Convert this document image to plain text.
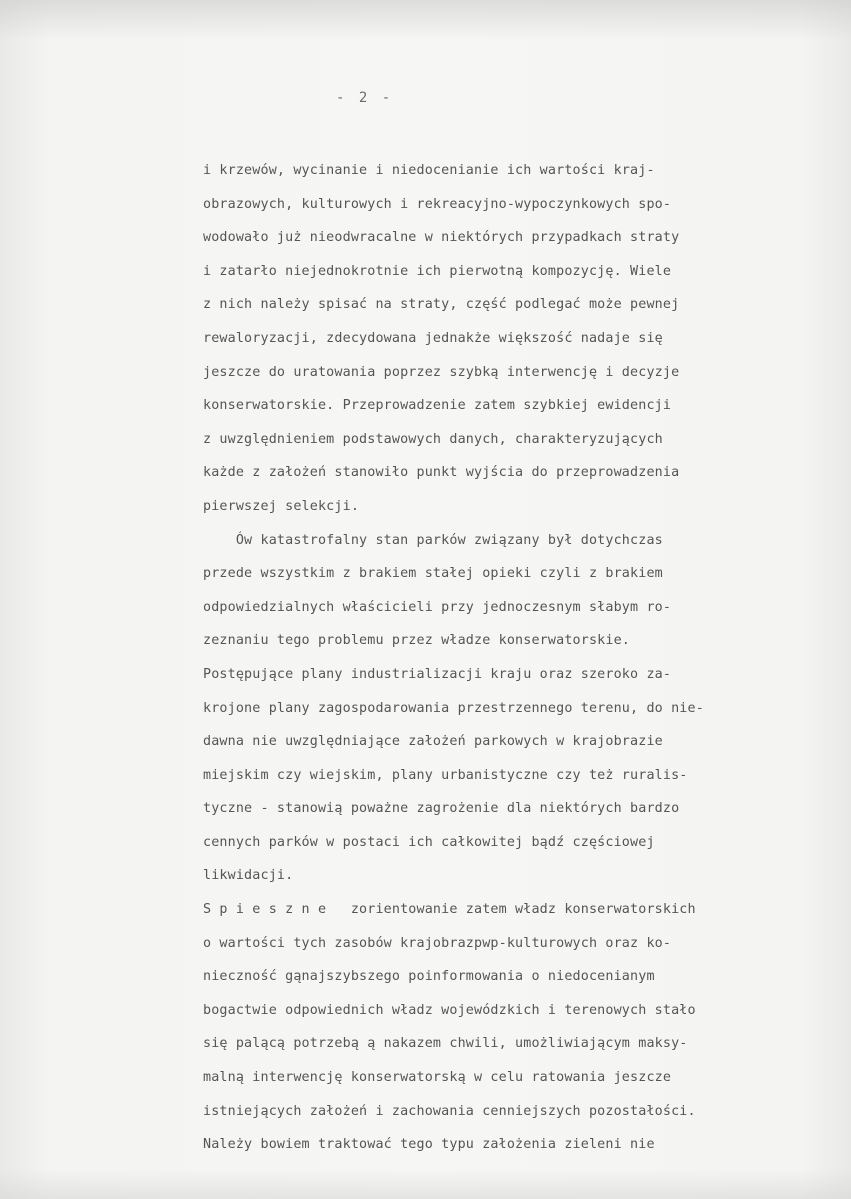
- 2 -
i krzewów, wycinanie i niedocenianie ich wartości kraj-
obrazowych, kulturowych i rekreacyjno-wypoczynkowych spo-
wodowało już nieodwracalne w niektórych przypadkach straty
i zatarło niejednokrotnie ich pierwotną kompozycję. Wiele
z nich należy spisać na straty, część podlegać może pewnej
rewaloryzacji, zdecydowana jednakże większość nadaje się
jeszcze do uratowania poprzez szybką interwencję i decyzje
konserwatorskie. Przeprowadzenie zatem szybkiej ewidencji
z uwzględnieniem podstawowych danych, charakteryzujących
każde z założeń stanowiło punkt wyjścia do przeprowadzenia
pierwszej selekcji.
Ów katastrofalny stan parków związany był dotychczas
przede wszystkim z brakiem stałej opieki czyli z brakiem
odpowiedzialnych właścicieli przy jednoczesnym słabym ro-
zeznaniu tego problemu przez władze konserwatorskie.
Postępujące plany industrializacji kraju oraz szeroko za-
krojone plany zagospodarowania przestrzennego terenu, do nie-
dawna nie uwzględniające założeń parkowych w krajobrazie
miejskim czy wiejskim, plany urbanistyczne czy też ruralis-
tyczne - stanowią poważne zagrożenie dla niektórych bardzo
cennych parków w postaci ich całkowitej bądź częściowej
likwidacji.
S p i e s z n e   zorientowanie zatem władz konserwatorskich
o wartości tych zasobów krajobrazpwp-kulturowych oraz ko-
nieczność gąnajszybszego poinformowania o niedocenianym
bogactwie odpowiednich władz wojewódzkich i terenowych stało
się palącą potrzebą ą nakazem chwili, umożliwiającym maksy-
malną interwencję konserwatorską w celu ratowania jeszcze
istniejących założeń i zachowania cenniejszych pozostałości.
Należy bowiem traktować tego typu założenia zieleni nie
